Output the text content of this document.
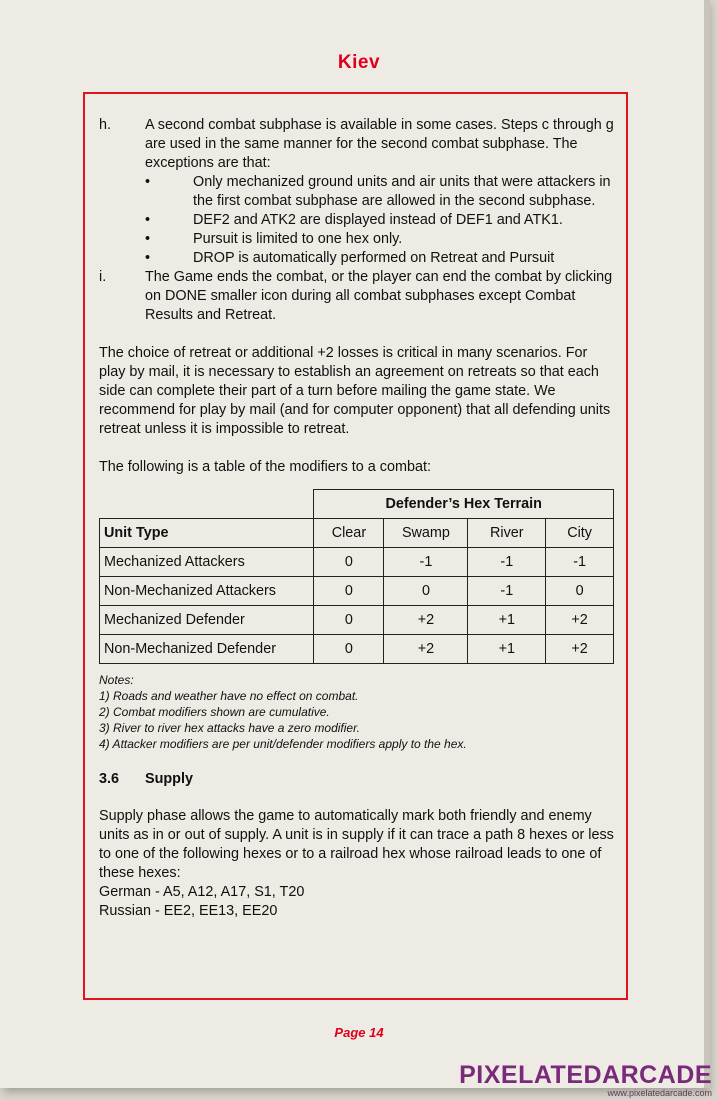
Kiev
h.	A second combat subphase is available in some cases. Steps c through g are used in the same manner for the second combat subphase. The exceptions are that:

•	Only mechanized ground units and air units that were attackers in the first combat subphase are allowed in the second subphase.
•	DEF2 and ATK2 are displayed instead of DEF1 and ATK1.
•	Pursuit is limited to one hex only.
•	DROP is automatically performed on Retreat and Pursuit
i.	The Game ends the combat, or the player can end the combat by clicking on DONE smaller icon during all combat subphases except Combat Results and Retreat.

The choice of retreat or additional +2 losses is critical in many scenarios. For play by mail, it is necessary to establish an agreement on retreats so that each side can complete their part of a turn before mailing the game state. We recommend for play by mail (and for computer opponent) that all defending units retreat unless it is impossible to retreat.

The following is a table of the modifiers to a combat:

	Defender’s Hex Terrain			
Unit Type	Clear	Swamp	River	City
Mechanized Attackers	0	-1	-1	-1
Non-Mechanized Attackers	0	0	-1	0
Mechanized Defender	0	+2	+1	+2
Non-Mechanized Defender	0	+2	+1	+2
Notes:
1) Roads and weather have no effect on combat.
2) Combat modifiers shown are cumulative.
3) River to river hex attacks have a zero modifier.
4) Attacker modifiers are per unit/defender modifiers apply to the hex.
3.6 Supply

Supply phase allows the game to automatically mark both friendly and enemy units as in or out of supply. A unit is in supply if it can trace a path 8 hexes or less to one of the following hexes or to a railroad hex whose railroad leads to one of these hexes:

German - A5, A12, A17, S1, T20

Russian - EE2, EE13, EE20

Page 14
PIXELATEDARCADE
www.pixelatedarcade.com
